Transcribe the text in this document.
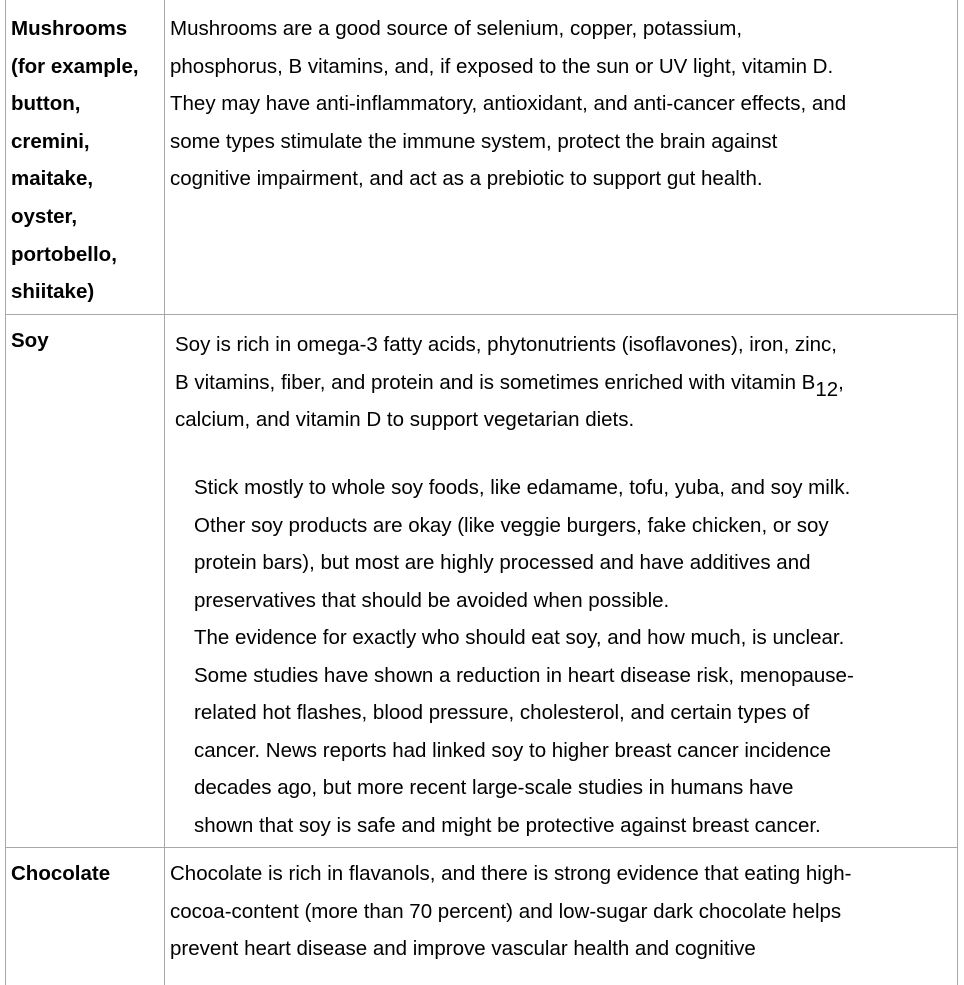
Mushrooms
(for example,
button,
cremini,
maitake,
oyster,
portobello,
shiitake)
Mushrooms are a good source of selenium, copper, potassium,
phosphorus, B vitamins, and, if exposed to the sun or UV light, vitamin D.
They may have anti-inflammatory, antioxidant, and anti-cancer effects, and
some types stimulate the immune system, protect the brain against
cognitive impairment, and act as a prebiotic to support gut health.
Soy	Soy is rich in omega-3 fatty acids, phytonutrients (isoflavones), iron, zinc,
B vitamins, fiber, and protein and is sometimes enriched with vitamin $B_{12}$,
calcium, and vitamin D to support vegetarian diets.
Stick mostly to whole soy foods, like edamame, tofu, yuba, and soy milk.
Other soy products are okay (like veggie burgers, fake chicken, or soy
protein bars), but most are highly processed and have additives and
preservatives that should be avoided when possible.
The evidence for exactly who should eat soy, and how much, is unclear.
Some studies have shown a reduction in heart disease risk, menopause-
related hot flashes, blood pressure, cholesterol, and certain types of
cancer. News reports had linked soy to higher breast cancer incidence
decades ago, but more recent large-scale studies in humans have
shown that soy is safe and might be protective against breast cancer.
Chocolate	Chocolate is rich in flavanols, and there is strong evidence that eating high-
cocoa-content (more than 70 percent) and low-sugar dark chocolate helps
prevent heart disease and improve vascular health and cognitive
